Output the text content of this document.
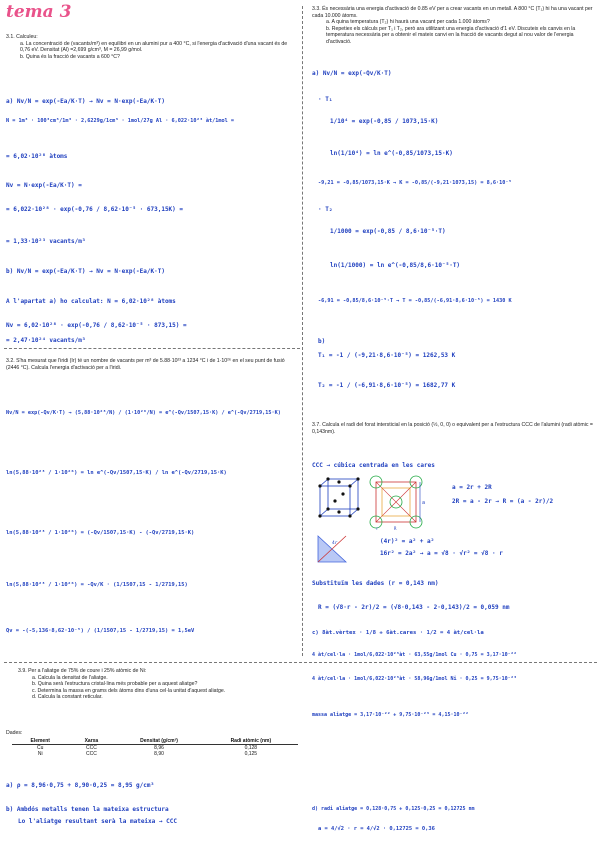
tema 3
3.1. Calculeu:
a. La concentració de (vacants/m³) en equilibri en un alumini pur a 400 °C, si l'energia d'activació d'una vacant és de 0,76 eV. Densitat (Al) =2,699 g/cm³, M = 26,99 g/mol.
b. Quina és la fracció de vacants a 600 °C?
a) Nv/N = exp(-Ea/K·T) → Nv = N·exp(-Ea/K·T)
N = 1m³ · 100³cm³/1m³ · 2,6229g/1cm³ · 1mol/27g Al · 6,022·10²³ àt/1mol =
= 6,02·10²⁸ àtoms
Nv = N·exp(-Ea/K·T) =
= 6,022·10²⁸ · exp(-0,76 / 8,62·10⁻⁵ · 673,15K) =
= 1,33·10²³ vacants/m³
b) Nv/N = exp(-Ea/K·T) → Nv = N·exp(-Ea/K·T)
A l'apartat a) ho calculat: N = 6,02·10²⁸ àtoms
Nv = 6,02·10²⁸ · exp(-0,76 / 8,62·10⁻⁵ · 873,15) =
= 2,47·10²⁴ vacants/m³
3.2. S'ha mesurat que l'iridi (Ir) té un nombre de vacants per m³ de 5.88·10²³ a 1234 °C i de 1·10²⁶ en el seu punt de fusió (2446 °C). Calcula l'energia d'activació per a l'iridi.
Nv/N = exp(-Qv/K·T) → (5,88·10²³/N) / (1·10²⁶/N) = e^(-Qv/1507,15·K) / e^(-Qv/2719,15·K)
ln(5,88·10²³ / 1·10²⁶) = ln e^(-Qv/1507,15·K) / ln e^(-Qv/2719,15·K)
ln(5,88·10²³ / 1·10²⁶) = (-Qv/1507,15·K) - (-Qv/2719,15·K)
ln(5,88·10²³ / 1·10²⁶) = -Qv/K · (1/1507,15 - 1/2719,15)
Qv = -(-5,136·8,62·10⁻⁵) / (1/1507,15 - 1/2719,15) = 1,5eV
3.3. És necessària una energia d'activació de 0.85 eV per a crear vacants en un metall. A 800 °C (T₁) hi ha una vacant per cada 10.000 àtoms.
a. A quina temperatura (T₂) hi haurà una vacant per cada 1.000 àtoms?
b. Repetiex els càlculs per T₁ i T₂, però ara utilitzant una energia d'activació d'1 eV. Discuteix els canvis en la temperatura necessària per a obtenir el mateix canvi en la fracció de vacants degut al nou valor de l'energia d'activació.
a) Nv/N = exp(-Qv/K·T)
· T₁
1/10⁴ = exp(-0,85 / 1073,15·K)
ln(1/10⁴) = ln e^(-0,85/1073,15·K)
-9,21 = -0,85/1073,15·K → K = -0,85/(-9,21·1073,15) = 8,6·10⁻⁵
· T₂
1/1000 = exp(-0,85 / 8,6·10⁻⁵·T)
ln(1/1000) = ln e^(-0,85/8,6·10⁻⁵·T)
-6,91 = -0,85/8,6·10⁻⁵·T → T = -0,85/(-6,91·8,6·10⁻⁵) = 1430 K
b)
T₁ = -1 / (-9,21·8,6·10⁻⁵) = 1262,53 K
T₂ = -1 / (-6,91·8,6·10⁻⁵) = 1682,77 K
3.7. Calcula el radi del forat intersticial en la posició (½, 0, 0) o equivalent per a l'estructura CCC de l'alumini (radi atòmic = 0,143nm).
CCC → cúbica centrada en les cares
a
r	R
a = 2r + 2R
2R = a - 2r → R = (a - 2r)/2
4r	(4r)² = a² + a²
16r² = 2a² → a = √8 · √r² = √8 · r
Substituïm les dades (r = 0,143 nm)
R = (√8·r - 2r)/2 = (√8·0,143 - 2·0,143)/2 = 0,059 nm
3.9. Per a l'aliatge de 75% de coure i 25% atòmic de Ni:
a. Calcula la densitat de l'aliatge.
b. Quina serà l'estructura cristal·lina més probable per a aquest aliatge?
c. Determina la massa en grams dels àtoms dins d'una cel·la unitat d'aquest aliatge.
d. Calcula la constant reticular.
Dades:
Element	Xarxa	Densitat (g/cm³)	Radi atòmic (nm)
Cu	CCC	8,96	0,128
Ni	CCC	8,90	0,125
a) ρ = 8,96·0,75 + 8,90·0,25 = 8,95 g/cm³
b) Ambdós metalls tenen la mateixa estructura
Lo l'aliatge resultant serà la mateixa → CCC
c) 8àt.vèrtex · 1/8 + 6àt.cares · 1/2 = 4 àt/cel·la
4 àt/cel·la · 1mol/6,022·10²³àt · 63,55g/1mol Cu · 0,75 = 3,17·10⁻²²
4 àt/cel·la · 1mol/6,022·10²³àt · 58,96g/1mol Ni · 0,25 = 9,75·10⁻²³
massa aliatge = 3,17·10⁻²² + 9,75·10⁻²³ = 4,15·10⁻²²
d) radi aliatge = 0,128·0,75 + 0,125·0,25 = 0,12725 nm
a = 4/√2 · r = 4/√2 · 0,12725 = 0,36
